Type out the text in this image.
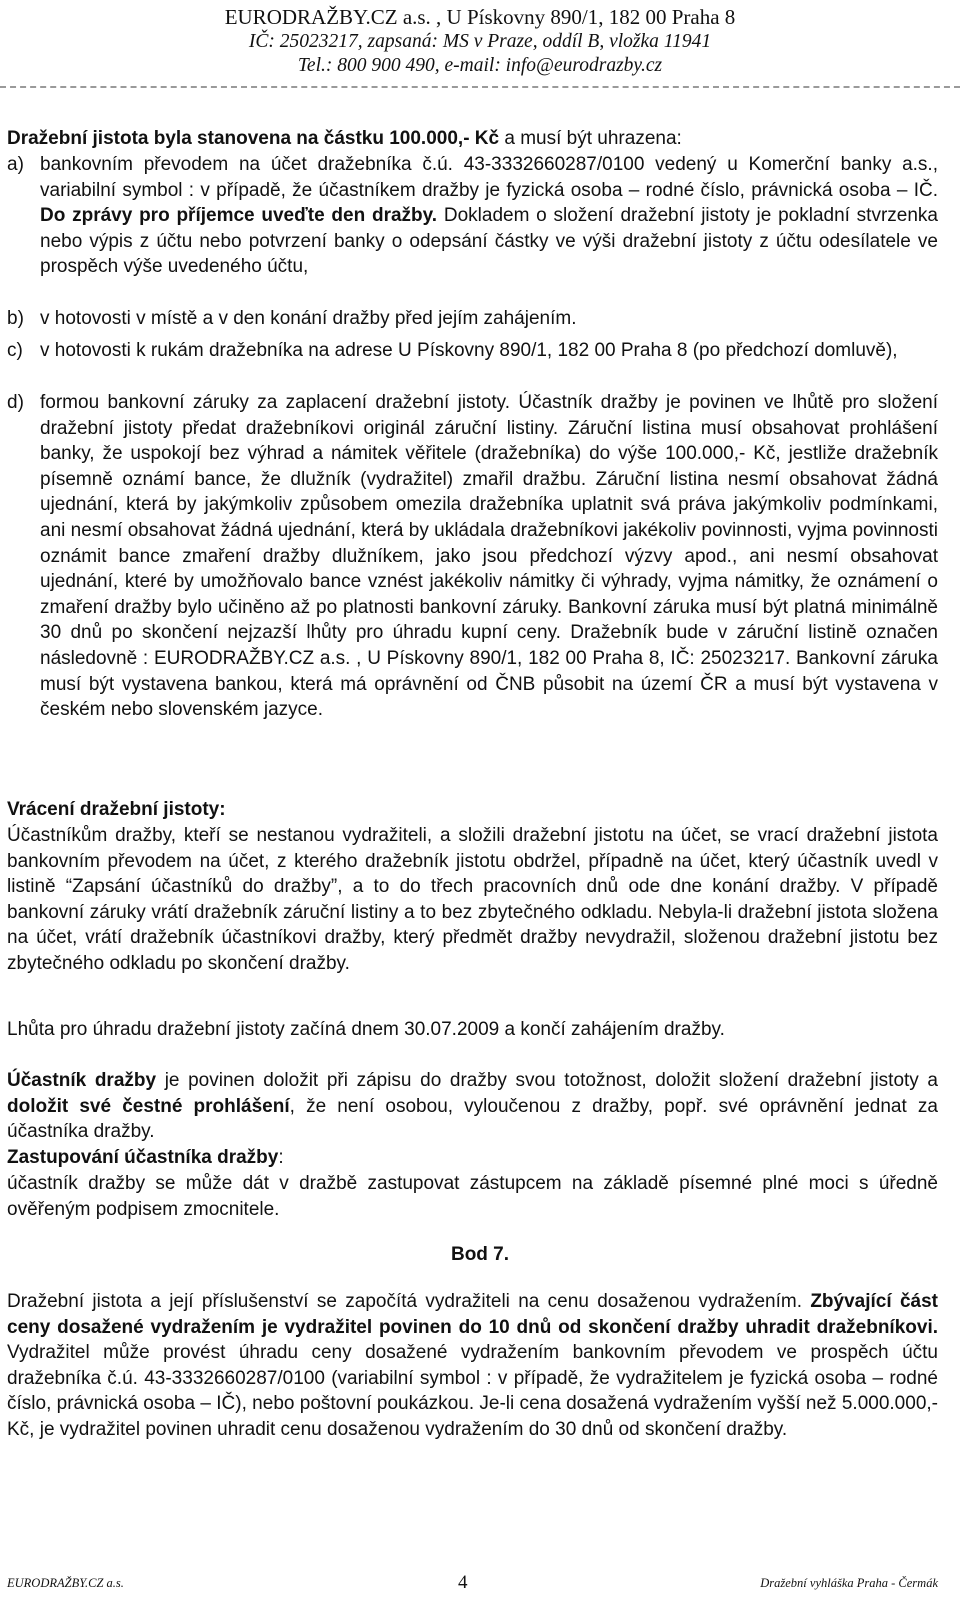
EURODRAŽBY.CZ a.s. , U Pískovny 890/1, 182 00 Praha 8
IČ: 25023217, zapsaná: MS v Praze, oddíl B, vložka 11941
Tel.: 800 900 490, e-mail: info@eurodrazby.cz

Dražební jistota byla stanovena na částku 100.000,- Kč a musí být uhrazena:

a) bankovním převodem na účet dražebníka č.ú. 43-3332660287/0100 vedený u Komerční banky a.s., variabilní symbol : v případě, že účastníkem dražby je fyzická osoba – rodné číslo, právnická osoba – IČ. Do zprávy pro příjemce uveďte den dražby. Dokladem o složení dražební jistoty je pokladní stvrzenka nebo výpis z účtu nebo potvrzení banky o odepsání částky ve výši dražební jistoty z účtu odesílatele ve prospěch výše uvedeného účtu,
b) v hotovosti v místě a v den konání dražby před jejím zahájením.
c) v hotovosti k rukám dražebníka na adrese U Pískovny 890/1, 182 00 Praha 8 (po předchozí domluvě),
d) formou bankovní záruky za zaplacení dražební jistoty. Účastník dražby je povinen ve lhůtě pro složení dražební jistoty předat dražebníkovi originál záruční listiny. Záruční listina musí obsahovat prohlášení banky, že uspokojí bez výhrad a námitek věřitele (dražebníka) do výše 100.000,- Kč, jestliže dražebník písemně oznámí bance, že dlužník (vydražitel) zmařil dražbu. Záruční listina nesmí obsahovat žádná ujednání, která by jakýmkoliv způsobem omezila dražebníka uplatnit svá práva jakýmkoliv podmínkami, ani nesmí obsahovat žádná ujednání, která by ukládala dražebníkovi jakékoliv povinnosti, vyjma povinnosti oznámit bance zmaření dražby dlužníkem, jako jsou předchozí výzvy apod., ani nesmí obsahovat ujednání, které by umožňovalo bance vznést jakékoliv námitky či výhrady, vyjma námitky, že oznámení o zmaření dražby bylo učiněno až po platnosti bankovní záruky. Bankovní záruka musí být platná minimálně 30 dnů po skončení nejzazší lhůty pro úhradu kupní ceny. Dražebník bude v záruční listině označen následovně : EURODRAŽBY.CZ a.s. , U Pískovny 890/1, 182 00 Praha 8, IČ: 25023217. Bankovní záruka musí být vystavena bankou, která má oprávnění od ČNB působit na území ČR a musí být vystavena v českém nebo slovenském jazyce.

Vrácení dražební jistoty:

Účastníkům dražby, kteří se nestanou vydražiteli, a složili dražební jistotu na účet, se vrací dražební jistota bankovním převodem na účet, z kterého dražebník jistotu obdržel, případně na účet, který účastník uvedl v listině “Zapsání účastníků do dražby”, a to do třech pracovních dnů ode dne konání dražby. V případě bankovní záruky vrátí dražebník záruční listiny a to bez zbytečného odkladu. Nebyla-li dražební jistota složena na účet, vrátí dražebník účastníkovi dražby, který předmět dražby nevydražil, složenou dražební jistotu bez zbytečného odkladu po skončení dražby.

Lhůta pro úhradu dražební jistoty začíná dnem 30.07.2009 a končí zahájením dražby.

Účastník dražby je povinen doložit při zápisu do dražby svou totožnost, doložit složení dražební jistoty a doložit své čestné prohlášení, že není osobou, vyloučenou z dražby, popř. své oprávnění jednat za účastníka dražby.

Zastupování účastníka dražby:

účastník dražby se může dát v dražbě zastupovat zástupcem na základě písemné plné moci s úředně ověřeným podpisem zmocnitele.

Bod 7.

Dražební jistota a její příslušenství se započítá vydražiteli na cenu dosaženou vydražením. Zbývající část ceny dosažené vydražením je vydražitel povinen do 10 dnů od skončení dražby uhradit dražebníkovi. Vydražitel může provést úhradu ceny dosažené vydražením bankovním převodem ve prospěch účtu dražebníka č.ú. 43-3332660287/0100 (variabilní symbol : v případě, že vydražitelem je fyzická osoba – rodné číslo, právnická osoba – IČ), nebo poštovní poukázkou. Je-li cena dosažená vydražením vyšší než 5.000.000,- Kč, je vydražitel povinen uhradit cenu dosaženou vydražením do 30 dnů od skončení dražby.

EURODRAŽBY.CZ a.s.	4	Dražební vyhláška Praha - Čermák
